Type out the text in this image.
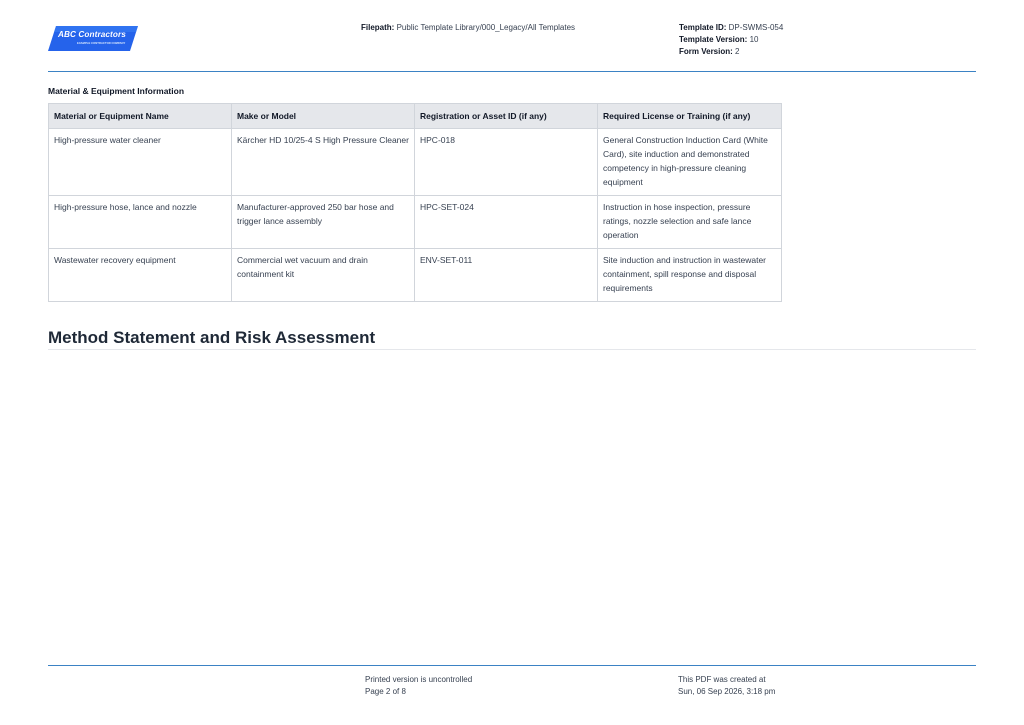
ABC Contractors
EXAMPLE CONTRACTOR COMPANY
Filepath: Public Template Library/000_Legacy/All Templates	Template ID: DP-SWMS-054
Template Version: 10
Form Version: 2
Material & Equipment Information
Material or Equipment Name	Make or Model	Registration or Asset ID (if any)	Required License or Training (if any)
High-pressure water cleaner	Kärcher HD 10/25-4 S High Pressure Cleaner	HPC-018	General Construction Induction Card (White Card), site induction and demonstrated competency in high-pressure cleaning equipment
High-pressure hose, lance and nozzle	Manufacturer-approved 250 bar hose and trigger lance assembly	HPC-SET-024	Instruction in hose inspection, pressure ratings, nozzle selection and safe lance operation
Wastewater recovery equipment	Commercial wet vacuum and drain containment kit	ENV-SET-011	Site induction and instruction in wastewater containment, spill response and disposal requirements
Method Statement and Risk Assessment
Printed version is uncontrolled
Page 2 of 8
This PDF was created at
Sun, 06 Sep 2026, 3:18 pm
